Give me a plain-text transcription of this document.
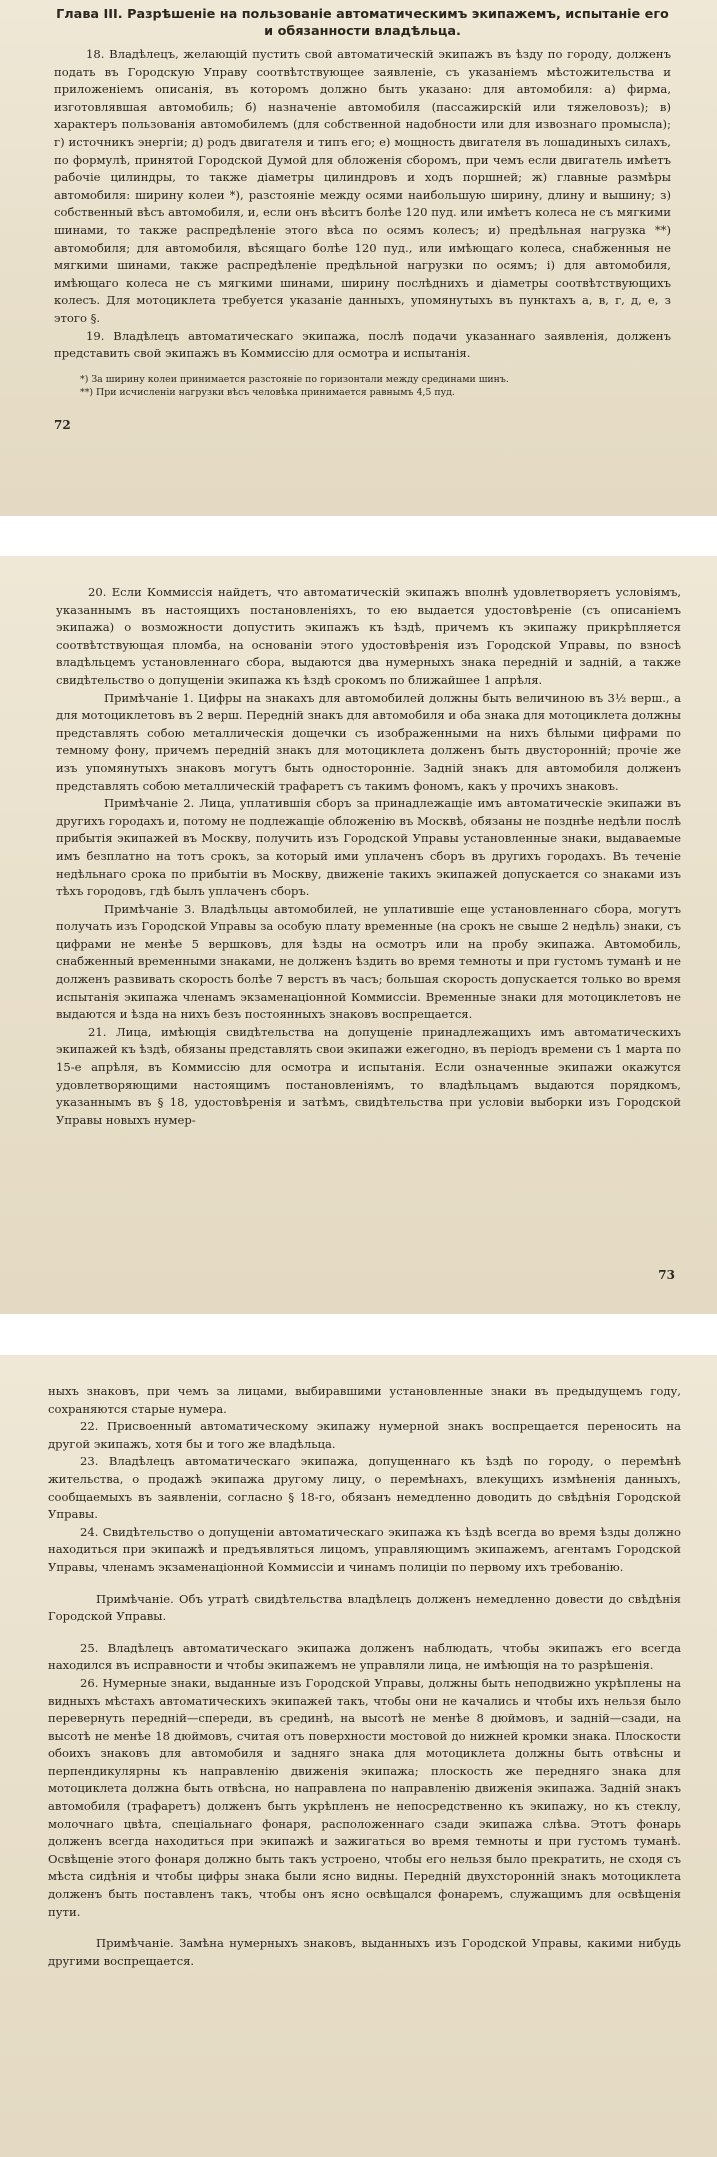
Глава III. Разрѣшеніе на пользованіе автоматическимъ экипажемъ, испытаніе его и обязанности владѣльца.

18. Владѣлецъ, желающій пустить свой автоматическій экипажъ въ ѣзду по городу, долженъ подать въ Городскую Управу соотвѣтствующее заявленіе, съ указаніемъ мѣстожительства и приложеніемъ описанія, въ которомъ должно быть указано: для автомобиля: а) фирма, изготовлявшая автомобиль; б) назначеніе автомобиля (пассажирскій или тяжеловозъ); в) характеръ пользованія автомобилемъ (для собственной надобности или для извознаго промысла); г) источникъ энергіи; д) родъ двигателя и типъ его; е) мощность двигателя въ лошадиныхъ силахъ, по формулѣ, принятой Городской Думой для обложенія сборомъ, при чемъ если двигатель имѣетъ рабочіе цилиндры, то также діаметры цилиндровъ и ходъ поршней; ж) главные размѣры автомобиля: ширину колеи *), разстояніе между осями наибольшую ширину, длину и вышину; з) собственный вѣсъ автомобиля, и, если онъ вѣситъ болѣе 120 пуд. или имѣетъ колеса не съ мягкими шинами, то также распредѣленіе этого вѣса по осямъ колесъ; и) предѣльная нагрузка **) автомобиля; для автомобиля, вѣсящаго болѣе 120 пуд., или имѣющаго колеса, снабженныя не мягкими шинами, также распредѣленіе предѣльной нагрузки по осямъ; і) для автомобиля, имѣющаго колеса не съ мягкими шинами, ширину послѣднихъ и діаметры соотвѣтствующихъ колесъ. Для мотоциклета требуется указаніе данныхъ, упомянутыхъ въ пунктахъ а, в, г, д, е, з этого §.

19. Владѣлецъ автоматическаго экипажа, послѣ подачи указаннаго заявленія, долженъ представить свой экипажъ въ Коммиссію для осмотра и испытанія.

*) За ширину колеи принимается разстояніе по горизонтали между срединами шинъ.
**) При исчисленіи нагрузки вѣсъ человѣка принимается равнымъ 4,5 пуд.
72

20. Если Коммиссія найдетъ, что автоматическій экипажъ вполнѣ удовлетворяетъ условіямъ, указаннымъ въ настоящихъ постановленіяхъ, то ею выдается удостовѣреніе (съ описаніемъ экипажа) о возможности допустить экипажъ къ ѣздѣ, причемъ къ экипажу прикрѣпляется соотвѣтствующая пломба, на основаніи этого удостовѣренія изъ Городской Управы, по взносѣ владѣльцемъ установленнаго сбора, выдаются два нумерныхъ знака передній и задній, а также свидѣтельство о допущеніи экипажа къ ѣздѣ срокомъ по ближайшее 1 апрѣля.

Примѣчаніе 1. Цифры на знакахъ для автомобилей должны быть величиною въ 3½ верш., а для мотоциклетовъ въ 2 верш. Передній знакъ для автомобиля и оба знака для мотоциклета должны представлять собою металлическія дощечки съ изображенными на нихъ бѣлыми цифрами по темному фону, причемъ передній знакъ для мотоциклета долженъ быть двусторонній; прочіе же изъ упомянутыхъ знаковъ могутъ быть односторонніе. Задній знакъ для автомобиля долженъ представлять собою металлическій трафаретъ съ такимъ фономъ, какъ у прочихъ знаковъ.

Примѣчаніе 2. Лица, уплатившія сборъ за принадлежащіе имъ автоматическіе экипажи въ другихъ городахъ и, потому не подлежащіе обложенію въ Москвѣ, обязаны не позднѣе недѣли послѣ прибытія экипажей въ Москву, получить изъ Городской Управы установленные знаки, выдаваемые имъ безплатно на тотъ срокъ, за который ими уплаченъ сборъ въ другихъ городахъ. Въ теченіе недѣльнаго срока по прибытіи въ Москву, движеніе такихъ экипажей допускается со знаками изъ тѣхъ городовъ, гдѣ былъ уплаченъ сборъ.

Примѣчаніе 3. Владѣльцы автомобилей, не уплатившіе еще установленнаго сбора, могутъ получать изъ Городской Управы за особую плату временные (на срокъ не свыше 2 недѣль) знаки, съ цифрами не менѣе 5 вершковъ, для ѣзды на осмотръ или на пробу экипажа. Автомобиль, снабженный временными знаками, не долженъ ѣздить во время темноты и при густомъ туманѣ и не долженъ развивать скорость болѣе 7 верстъ въ часъ; большая скорость допускается только во время испытанія экипажа членамъ экзаменаціонной Коммиссіи. Временные знаки для мотоциклетовъ не выдаются и ѣзда на нихъ безъ постоянныхъ знаковъ воспрещается.

21. Лица, имѣющія свидѣтельства на допущеніе принадлежащихъ имъ автоматическихъ экипажей къ ѣздѣ, обязаны представлять свои экипажи ежегодно, въ періодъ времени съ 1 марта по 15-е апрѣля, въ Коммиссію для осмотра и испытанія. Если означенные экипажи окажутся удовлетворяющими настоящимъ постановленіямъ, то владѣльцамъ выдаются порядкомъ, указаннымъ въ § 18, удостовѣренія и затѣмъ, свидѣтельства при условіи выборки изъ Городской Управы новыхъ нумер-

73

ныхъ знаковъ, при чемъ за лицами, выбиравшими установленные знаки въ предыдущемъ году, сохраняются старые нумера.

22. Присвоенный автоматическому экипажу нумерной знакъ воспрещается переносить на другой экипажъ, хотя бы и того же владѣльца.

23. Владѣлецъ автоматическаго экипажа, допущеннаго къ ѣздѣ по городу, о перемѣнѣ жительства, о продажѣ экипажа другому лицу, о перемѣнахъ, влекущихъ измѣненія данныхъ, сообщаемыхъ въ заявленіи, согласно § 18-го, обязанъ немедленно доводить до свѣдѣнія Городской Управы.

24. Свидѣтельство о допущеніи автоматическаго экипажа къ ѣздѣ всегда во время ѣзды должно находиться при экипажѣ и предъявляться лицомъ, управляющимъ экипажемъ, агентамъ Городской Управы, членамъ экзаменаціонной Коммиссіи и чинамъ полиціи по первому ихъ требованію.

Примѣчаніе. Объ утратѣ свидѣтельства владѣлецъ долженъ немедленно довести до свѣдѣнія Городской Управы.

25. Владѣлецъ автоматическаго экипажа долженъ наблюдать, чтобы экипажъ его всегда находился въ исправности и чтобы экипажемъ не управляли лица, не имѣющія на то разрѣшенія.

26. Нумерные знаки, выданные изъ Городской Управы, должны быть неподвижно укрѣплены на видныхъ мѣстахъ автоматическихъ экипажей такъ, чтобы они не качались и чтобы ихъ нельзя было перевернуть передній—спереди, въ срединѣ, на высотѣ не менѣе 8 дюймовъ, и задній—сзади, на высотѣ не менѣе 18 дюймовъ, считая отъ поверхности мостовой до нижней кромки знака. Плоскости обоихъ знаковъ для автомобиля и задняго знака для мотоциклета должны быть отвѣсны и перпендикулярны къ направленію движенія экипажа; плоскость же передняго знака для мотоциклета должна быть отвѣсна, но направлена по направленію движенія экипажа. Задній знакъ автомобиля (трафаретъ) долженъ быть укрѣпленъ не непосредственно къ экипажу, но къ стеклу, молочнаго цвѣта, спеціальнаго фонаря, расположеннаго сзади экипажа слѣва. Этотъ фонарь долженъ всегда находиться при экипажѣ и зажигаться во время темноты и при густомъ туманѣ. Освѣщеніе этого фонаря должно быть такъ устроено, чтобы его нельзя было прекратить, не сходя съ мѣста сидѣнія и чтобы цифры знака были ясно видны. Передній двухсторонній знакъ мотоциклета долженъ быть поставленъ такъ, чтобы онъ ясно освѣщался фонаремъ, служащимъ для освѣщенія пути.

Примѣчаніе. Замѣна нумерныхъ знаковъ, выданныхъ изъ Городской Управы, какими нибудь другими воспрещается.
